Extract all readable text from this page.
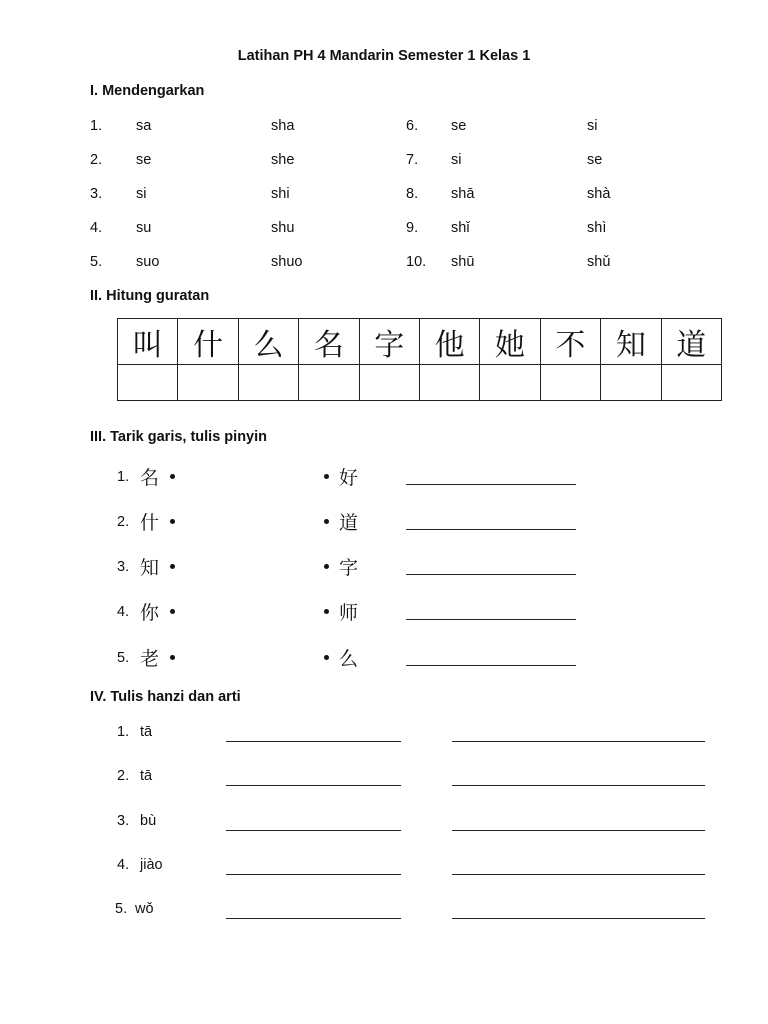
Latihan PH 4 Mandarin Semester 1 Kelas 1
I. Mendengarkan
1. sa	sha	6. se	si
2. se	she	7. si	se
3. si	shi	8. shā	shà
4. su	shu	9. shǐ	shì
5. suo	shuo	10. shū	shǔ
II. Hitung guratan
叫	什	么	名	字	他	她	不	知	道

III. Tarik garis, tulis pinyin
1. 名	好
2. 什	道
3. 知	字
4. 你	师
5. 老	么
IV. Tulis hanzi dan arti
1. tā
2. tā
3. bù
4. jiào
5. wǒ
